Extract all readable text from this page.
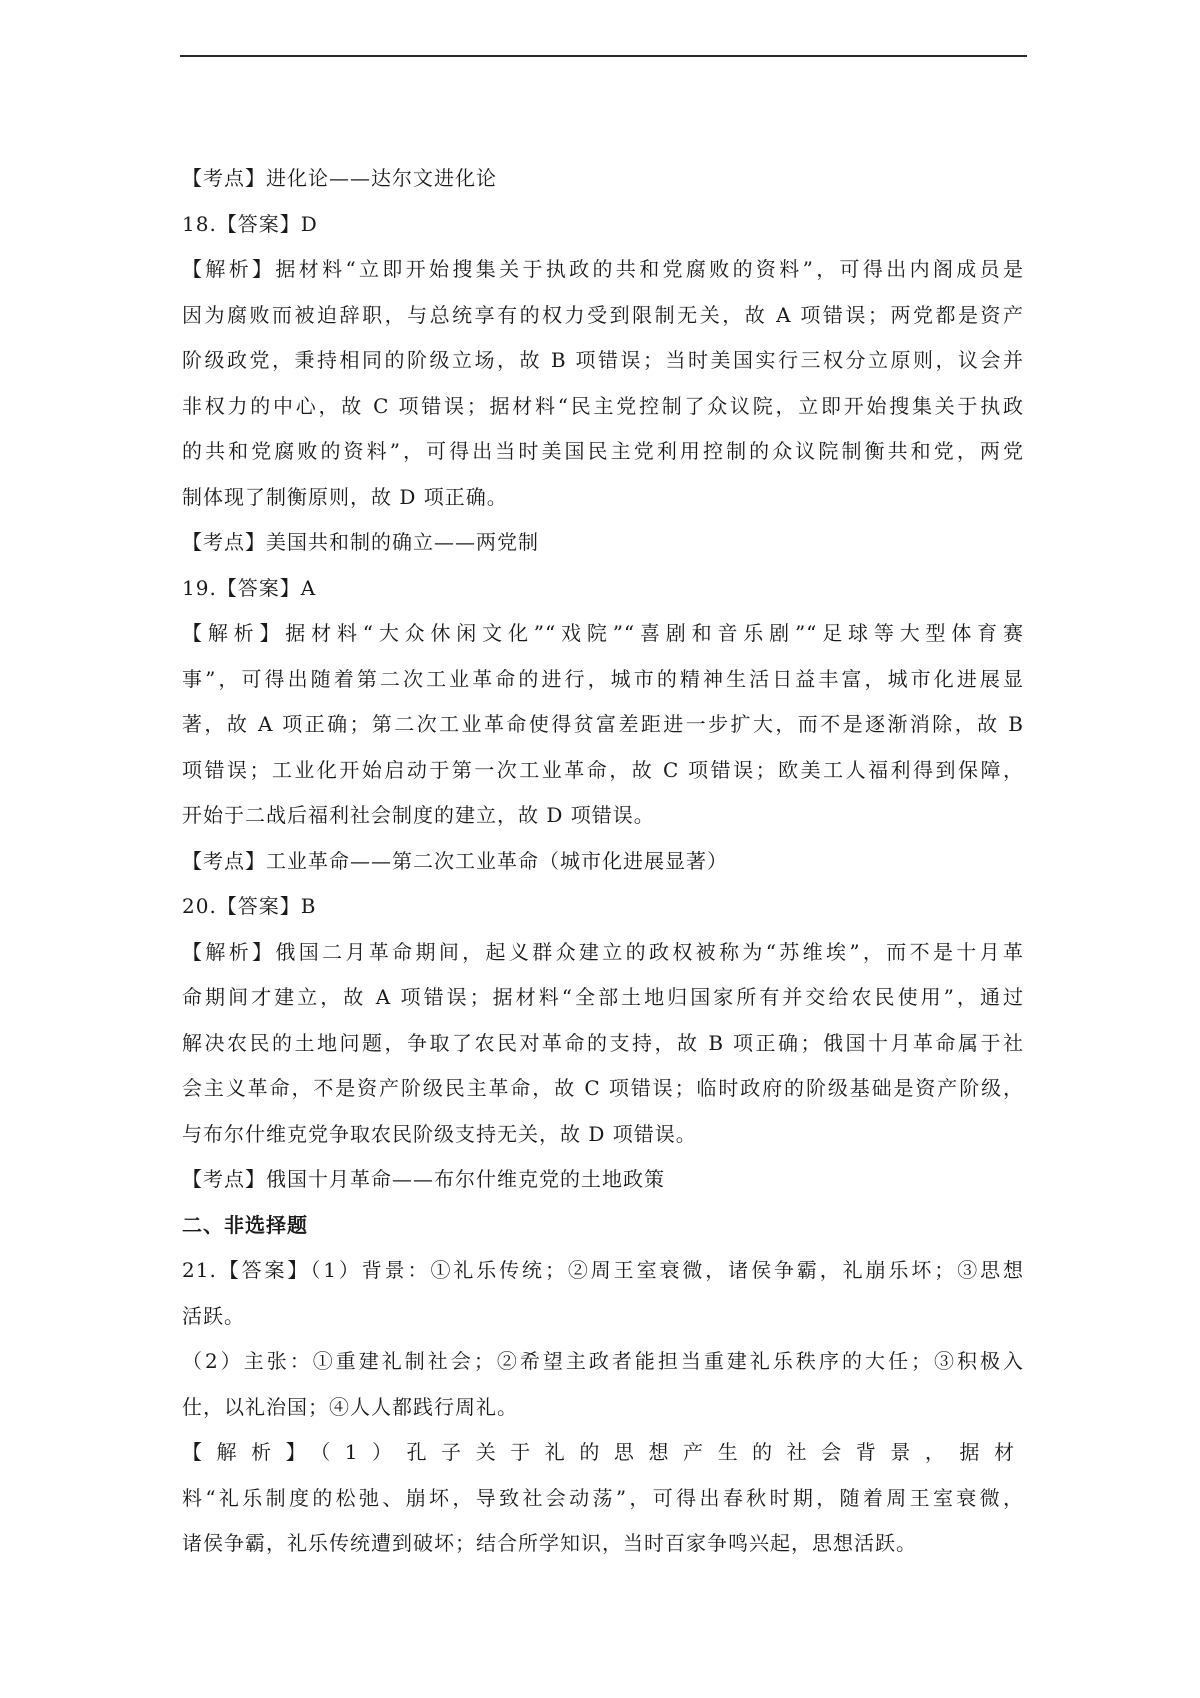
【考点】进化论——达尔文进化论
18.【答案】D
【解析】据材料“立即开始搜集关于执政的共和党腐败的资料”，可得出内阁成员是
因为腐败而被迫辞职，与总统享有的权力受到限制无关，故 A 项错误；两党都是资产
阶级政党，秉持相同的阶级立场，故 B 项错误；当时美国实行三权分立原则，议会并
非权力的中心，故 C 项错误；据材料“民主党控制了众议院，立即开始搜集关于执政
的共和党腐败的资料”，可得出当时美国民主党利用控制的众议院制衡共和党，两党
制体现了制衡原则，故 D 项正确。
【考点】美国共和制的确立——两党制
19.【答案】A
【解析】据材料“大众休闲文化”“戏院”“喜剧和音乐剧”“足球等大型体育赛
事”，可得出随着第二次工业革命的进行，城市的精神生活日益丰富，城市化进展显
著，故 A 项正确；第二次工业革命使得贫富差距进一步扩大，而不是逐渐消除，故 B
项错误；工业化开始启动于第一次工业革命，故 C 项错误；欧美工人福利得到保障，
开始于二战后福利社会制度的建立，故 D 项错误。
【考点】工业革命——第二次工业革命（城市化进展显著）
20.【答案】B
【解析】俄国二月革命期间，起义群众建立的政权被称为“苏维埃”，而不是十月革
命期间才建立，故 A 项错误；据材料“全部土地归国家所有并交给农民使用”，通过
解决农民的土地问题，争取了农民对革命的支持，故 B 项正确；俄国十月革命属于社
会主义革命，不是资产阶级民主革命，故 C 项错误；临时政府的阶级基础是资产阶级，
与布尔什维克党争取农民阶级支持无关，故 D 项错误。
【考点】俄国十月革命——布尔什维克党的土地政策
二、非选择题
21.【答案】（1）背景：①礼乐传统；②周王室衰微，诸侯争霸，礼崩乐坏；③思想
活跃。
（2）主张：①重建礼制社会；②希望主政者能担当重建礼乐秩序的大任；③积极入
仕，以礼治国；④人人都践行周礼。
【解析】（1）孔子关于礼的思想产生的社会背景，据材
料“礼乐制度的松弛、崩坏，导致社会动荡”，可得出春秋时期，随着周王室衰微，
诸侯争霸，礼乐传统遭到破坏；结合所学知识，当时百家争鸣兴起，思想活跃。
